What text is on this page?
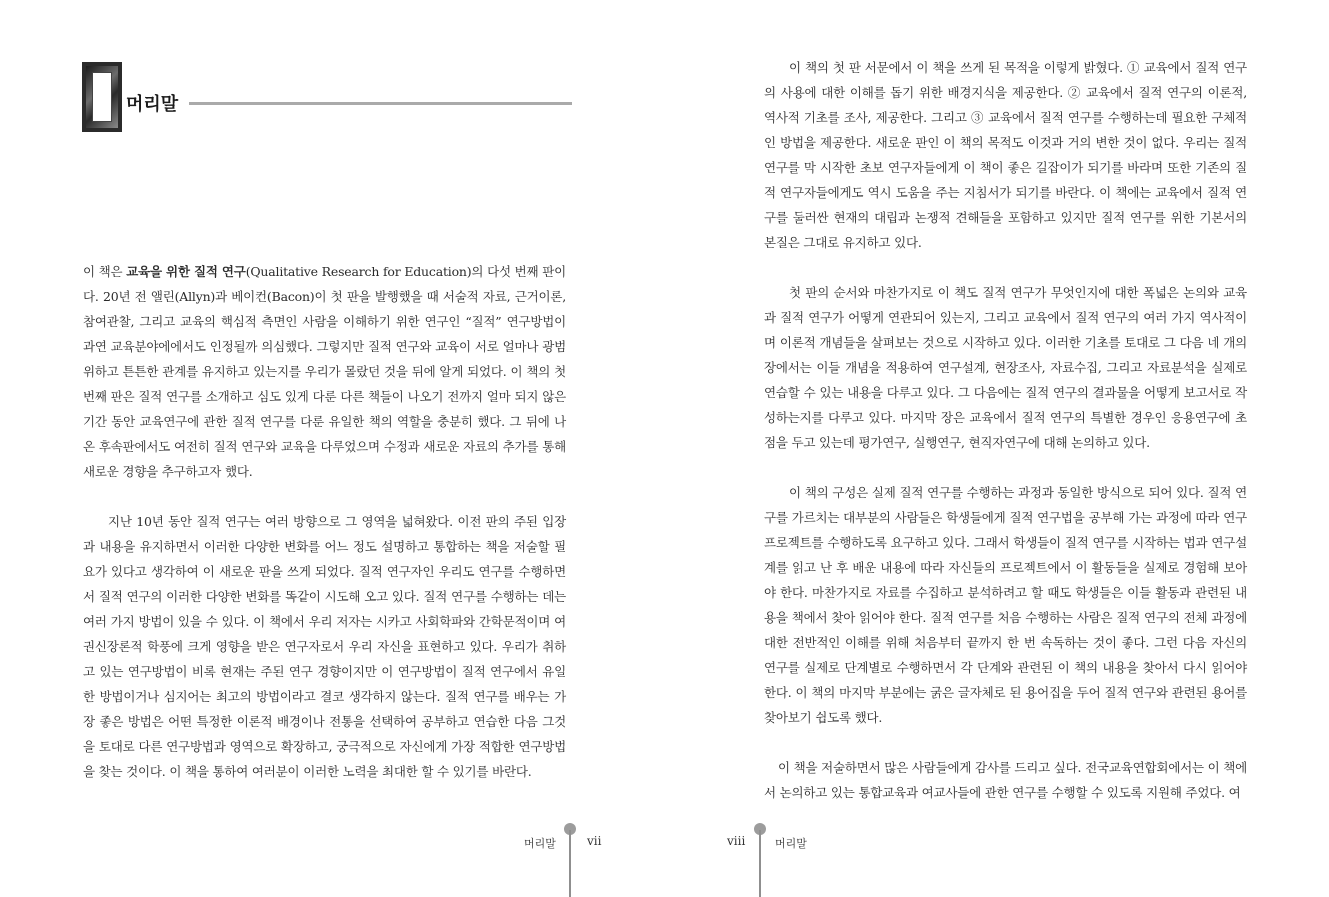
머리말

이 책은 교육을 위한 질적 연구(Qualitative Research for Education)의 다섯 번째 판이다. 20년 전 앨린(Allyn)과 베이컨(Bacon)이 첫 판을 발행했을 때 서술적 자료, 근거이론, 참여관찰, 그리고 교육의 핵심적 측면인 사람을 이해하기 위한 연구인 “질적” 연구방법이 과연 교육분야에에서도 인정될까 의심했다. 그렇지만 질적 연구와 교육이 서로 얼마나 광범위하고 튼튼한 관계를 유지하고 있는지를 우리가 몰랐던 것을 뒤에 알게 되었다. 이 책의 첫 번째 판은 질적 연구를 소개하고 심도 있게 다룬 다른 책들이 나오기 전까지 얼마 되지 않은 기간 동안 교육연구에 관한 질적 연구를 다룬 유일한 책의 역할을 충분히 했다. 그 뒤에 나온 후속판에서도 여전히 질적 연구와 교육을 다루었으며 수정과 새로운 자료의 추가를 통해 새로운 경향을 추구하고자 했다.

지난 10년 동안 질적 연구는 여러 방향으로 그 영역을 넓혀왔다. 이전 판의 주된 입장과 내용을 유지하면서 이러한 다양한 변화를 어느 정도 설명하고 통합하는 책을 저술할 필요가 있다고 생각하여 이 새로운 판을 쓰게 되었다. 질적 연구자인 우리도 연구를 수행하면서 질적 연구의 이러한 다양한 변화를 똑같이 시도해 오고 있다. 질적 연구를 수행하는 데는 여러 가지 방법이 있을 수 있다. 이 책에서 우리 저자는 시카고 사회학파와 간학문적이며 여권신장론적 학풍에 크게 영향을 받은 연구자로서 우리 자신을 표현하고 있다. 우리가 취하고 있는 연구방법이 비록 현재는 주된 연구 경향이지만 이 연구방법이 질적 연구에서 유일한 방법이거나 심지어는 최고의 방법이라고 결코 생각하지 않는다. 질적 연구를 배우는 가장 좋은 방법은 어떤 특정한 이론적 배경이나 전통을 선택하여 공부하고 연습한 다음 그것을 토대로 다른 연구방법과 영역으로 확장하고, 궁극적으로 자신에게 가장 적합한 연구방법을 찾는 것이다. 이 책을 통하여 여러분이 이러한 노력을 최대한 할 수 있기를 바란다.

머리말	vii

이 책의 첫 판 서문에서 이 책을 쓰게 된 목적을 이렇게 밝혔다. ① 교육에서 질적 연구의 사용에 대한 이해를 돕기 위한 배경지식을 제공한다. ② 교육에서 질적 연구의 이론적, 역사적 기초를 조사, 제공한다. 그리고 ③ 교육에서 질적 연구를 수행하는데 필요한 구체적인 방법을 제공한다. 새로운 판인 이 책의 목적도 이것과 거의 변한 것이 없다. 우리는 질적 연구를 막 시작한 초보 연구자들에게 이 책이 좋은 길잡이가 되기를 바라며 또한 기존의 질적 연구자들에게도 역시 도움을 주는 지침서가 되기를 바란다. 이 책에는 교육에서 질적 연구를 둘러싼 현재의 대립과 논쟁적 견해들을 포함하고 있지만 질적 연구를 위한 기본서의 본질은 그대로 유지하고 있다.

첫 판의 순서와 마찬가지로 이 책도 질적 연구가 무엇인지에 대한 폭넓은 논의와 교육과 질적 연구가 어떻게 연관되어 있는지, 그리고 교육에서 질적 연구의 여러 가지 역사적이며 이론적 개념들을 살펴보는 것으로 시작하고 있다. 이러한 기초를 토대로 그 다음 네 개의 장에서는 이들 개념을 적용하여 연구설계, 현장조사, 자료수집, 그리고 자료분석을 실제로 연습할 수 있는 내용을 다루고 있다. 그 다음에는 질적 연구의 결과물을 어떻게 보고서로 작성하는지를 다루고 있다. 마지막 장은 교육에서 질적 연구의 특별한 경우인 응용연구에 초점을 두고 있는데 평가연구, 실행연구, 현직자연구에 대해 논의하고 있다.

이 책의 구성은 실제 질적 연구를 수행하는 과정과 동일한 방식으로 되어 있다. 질적 연구를 가르치는 대부분의 사람들은 학생들에게 질적 연구법을 공부해 가는 과정에 따라 연구 프로젝트를 수행하도록 요구하고 있다. 그래서 학생들이 질적 연구를 시작하는 법과 연구설계를 읽고 난 후 배운 내용에 따라 자신들의 프로젝트에서 이 활동들을 실제로 경험해 보아야 한다. 마찬가지로 자료를 수집하고 분석하려고 할 때도 학생들은 이들 활동과 관련된 내용을 책에서 찾아 읽어야 한다. 질적 연구를 처음 수행하는 사람은 질적 연구의 전체 과정에 대한 전반적인 이해를 위해 처음부터 끝까지 한 번 속독하는 것이 좋다. 그런 다음 자신의 연구를 실제로 단계별로 수행하면서 각 단계와 관련된 이 책의 내용을 찾아서 다시 읽어야 한다. 이 책의 마지막 부분에는 굵은 글자체로 된 용어집을 두어 질적 연구와 관련된 용어를 찾아보기 쉽도록 했다.

이 책을 저술하면서 많은 사람들에게 감사를 드리고 싶다. 전국교육연합회에서는 이 책에서 논의하고 있는 통합교육과 여교사들에 관한 연구를 수행할 수 있도록 지원해 주었다. 여

viii	머리말
